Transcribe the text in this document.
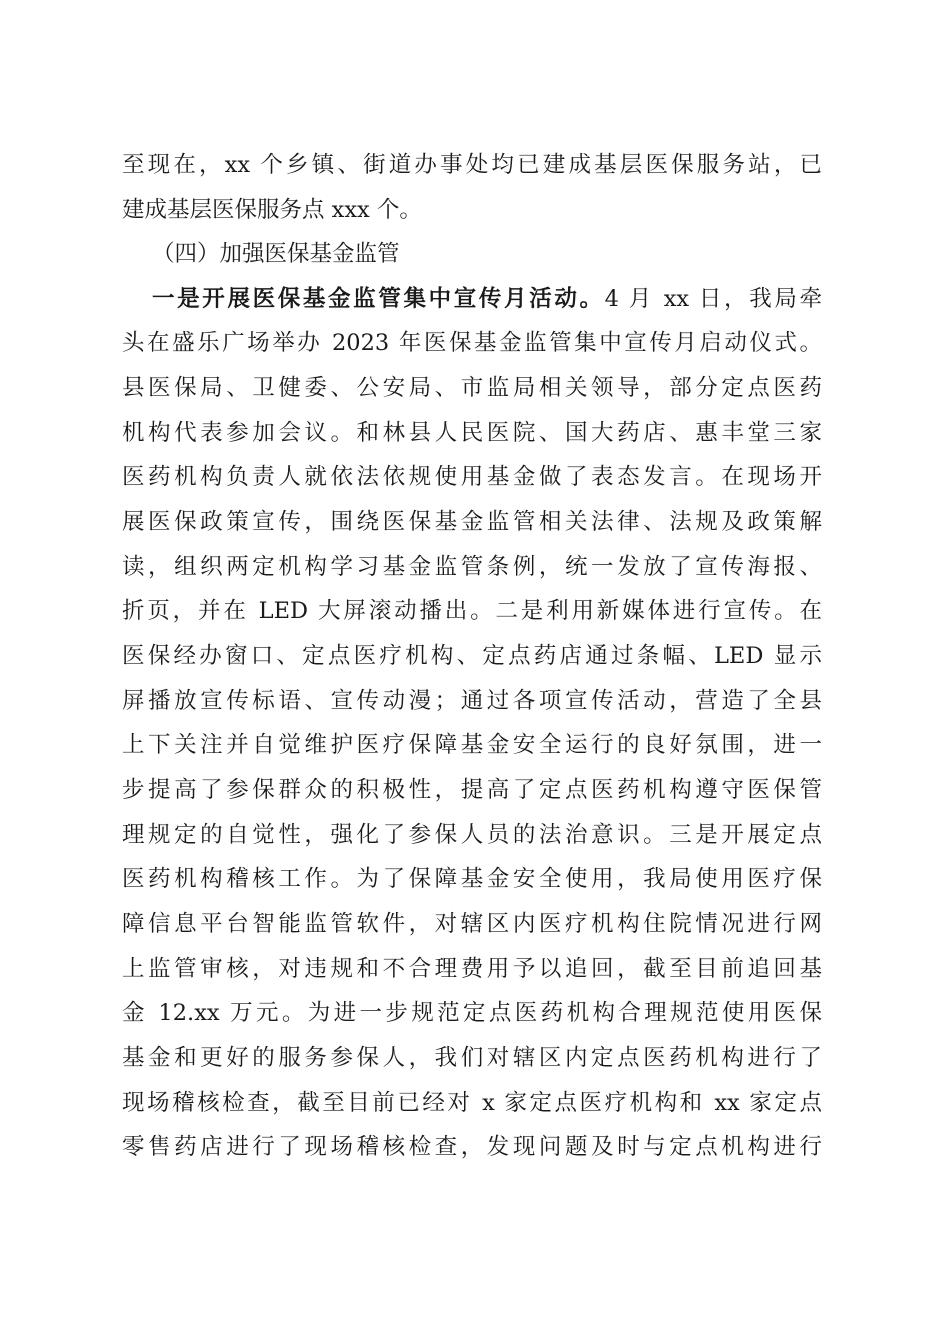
至现在，xx 个乡镇、街道办事处均已建成基层医保服务站，已
建成基层医保服务点 xxx 个。
（四）加强医保基金监管
一是开展医保基金监管集中宣传月活动。4 月 xx 日，我局牵
头在盛乐广场举办 2023 年医保基金监管集中宣传月启动仪式。
县医保局、卫健委、公安局、市监局相关领导，部分定点医药
机构代表参加会议。和林县人民医院、国大药店、惠丰堂三家
医药机构负责人就依法依规使用基金做了表态发言。在现场开
展医保政策宣传，围绕医保基金监管相关法律、法规及政策解
读，组织两定机构学习基金监管条例，统一发放了宣传海报、
折页，并在 LED 大屏滚动播出。二是利用新媒体进行宣传。在
医保经办窗口、定点医疗机构、定点药店通过条幅、LED 显示
屏播放宣传标语、宣传动漫；通过各项宣传活动，营造了全县
上下关注并自觉维护医疗保障基金安全运行的良好氛围，进一
步提高了参保群众的积极性，提高了定点医药机构遵守医保管
理规定的自觉性，强化了参保人员的法治意识。三是开展定点
医药机构稽核工作。为了保障基金安全使用，我局使用医疗保
障信息平台智能监管软件，对辖区内医疗机构住院情况进行网
上监管审核，对违规和不合理费用予以追回，截至目前追回基
金 12.xx 万元。为进一步规范定点医药机构合理规范使用医保
基金和更好的服务参保人，我们对辖区内定点医药机构进行了
现场稽核检查，截至目前已经对 x 家定点医疗机构和 xx 家定点
零售药店进行了现场稽核检查，发现问题及时与定点机构进行
